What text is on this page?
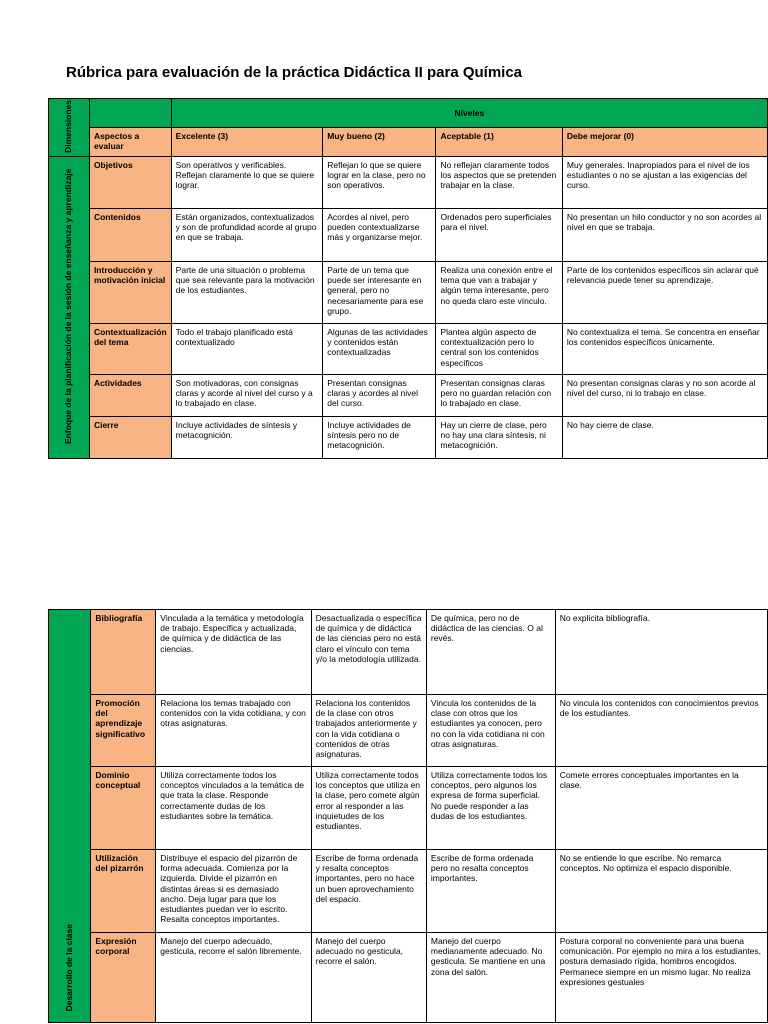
Rúbrica para evaluación de la práctica Didáctica II para Química
Dimensiones		Niveles			
	Aspectos a evaluar	Excelente (3)	Muy bueno (2)	Aceptable (1)	Debe mejorar (0)
Enfoque de la planificación de la sesión de enseñanza y aprendizaje	Objetivos	Son operativos y verificables. Reflejan claramente lo que se quiere lograr.	Reflejan lo que se quiere lograr en la clase, pero no son operativos.	No reflejan claramente todos los aspectos que se pretenden trabajar en la clase.	Muy generales. Inapropiados para el nivel de los estudiantes o no se ajustan a las exigencias del curso.
	Contenidos	Están organizados, contextualizados y son de profundidad acorde al grupo en que se trabaja.	Acordes al nivel, pero pueden contextualizarse más y organizarse mejor.	Ordenados pero superficiales para el nivel.	No presentan un hilo conductor y no son acordes al nivel en que se trabaja.
	Introducción y motivación inicial	Parte de una situación o problema que sea relevante para la motivación de los estudiantes.	Parte de un tema que puede ser interesante en general, pero no necesariamente para ese grupo.	Realiza una conexión entre el tema que van a trabajar y algún tema interesante, pero no queda claro este vínculo.	Parte de los contenidos específicos sin aclarar qué relevancia puede tener su aprendizaje.
	Contextualización del tema	Todo el trabajo planificado está contextualizado	Algunas de las actividades y contenidos están contextualizadas	Plantea algún aspecto de contextualización pero lo central son los contenidos específicos	No contextualiza el tema. Se concentra en enseñar los contenidos específicos únicamente.
	Actividades	Son motivadoras, con consignas claras y acorde al nivel del curso y a lo trabajado en clase.	Presentan consignas claras y acordes al nivel del curso.	Presentan consignas claras pero no guardan relación con lo trabajado en clase.	No presentan consignas claras y no son acorde al nivel del curso, ni lo trabajo en clase.
	Cierre	Incluye actividades de síntesis y metacognición.	Incluye actividades de síntesis pero no de metacognición.	Hay un cierre de clase, pero no hay una clara síntesis, ni metacognición.	No hay cierre de clase.
Desarrollo de la clase	Bibliografía	Vinculada a la temática y metodología de trabajo. Específica y actualizada, de química y de didáctica de las ciencias.	Desactualizada o específica de química y de didáctica de las ciencias pero no está claro el vínculo con tema y/o la metodología utilizada.	De química, pero no de didáctica de las ciencias. O al revés.	No explicita bibliografía.
	Promoción del aprendizaje significativo	Relaciona los temas trabajado con contenidos con la vida cotidiana, y con otras asignaturas.	Relaciona los contenidos de la clase con otros trabajados anteriormente y con la vida cotidiana o contenidos de otras asignaturas.	Vincula los contenidos de la clase con otros que los estudiantes ya conocen, pero no con la vida cotidiana ni con otras asignaturas.	No vincula los contenidos con conocimientos previos de los estudiantes.
	Dominio conceptual	Utiliza correctamente todos los conceptos vinculados a la temática de que trata la clase. Responde correctamente dudas de los estudiantes sobre la temática.	Utiliza correctamente todos los conceptos que utiliza en la clase, pero comete algún error al responder a las inquietudes de los estudiantes.	Utiliza correctamente todos los conceptos, pero algunos los expresa de forma superficial. No puede responder a las dudas de los estudiantes.	Comete errores conceptuales importantes en la clase.
	Utilización del pizarrón	Distribuye el espacio del pizarrón de forma adecuada. Comienza por la izquierda. Divide el pizarrón en distintas áreas si es demasiado ancho. Deja lugar para que los estudiantes puedan ver lo escrito. Resalta conceptos importantes.	Escribe de forma ordenada y resalta conceptos importantes, pero no hace un buen aprovechamiento del espacio.	Escribe de forma ordenada pero no resalta conceptos importantes.	No se entiende lo que escribe. No remarca conceptos. No optimiza el espacio disponible.
	Expresión corporal	Manejo del cuerpo adecuado, gesticula, recorre el salón libremente.	Manejo del cuerpo adecuado no gesticula, recorre el salón.	Manejo del cuerpo medianamente adecuado. No gesticula. Se mantiene en una zona del salón.	Postura corporal no conveniente para una buena comunicación. Por ejemplo no mira a los estudiantes, postura demasiado rígida, hombros encogidos. Permanece siempre en un mismo lugar. No realiza expresiones gestuales
